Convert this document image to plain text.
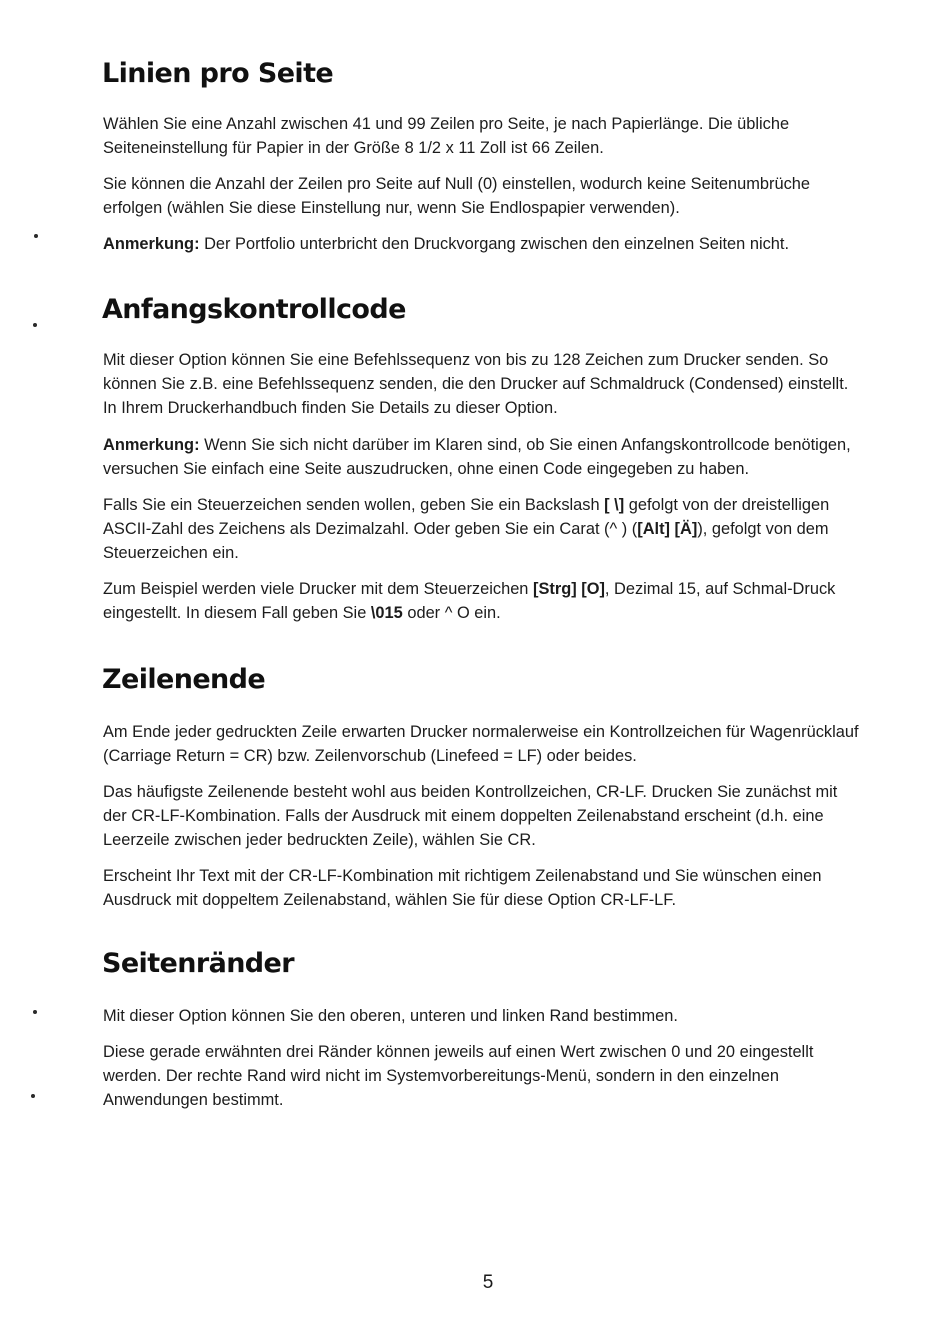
Linien pro Seite

Wählen Sie eine Anzahl zwischen 41 und 99 Zeilen pro Seite, je nach Papierlänge. Die übliche Seiteneinstellung für Papier in der Größe 8 1/2 x 11 Zoll ist 66 Zeilen.

Sie können die Anzahl der Zeilen pro Seite auf Null (0) einstellen, wodurch keine Seitenumbrüche erfolgen (wählen Sie diese Einstellung nur, wenn Sie Endlospapier verwenden).

Anmerkung: Der Portfolio unterbricht den Druckvorgang zwischen den einzelnen Seiten nicht.

Anfangskontrollcode

Mit dieser Option können Sie eine Befehlssequenz von bis zu 128 Zeichen zum Drucker senden. So können Sie z.B. eine Befehlssequenz senden, die den Drucker auf Schmaldruck (Condensed) einstellt. In Ihrem Druckerhandbuch finden Sie Details zu dieser Option.

Anmerkung: Wenn Sie sich nicht darüber im Klaren sind, ob Sie einen Anfangskontrollcode benötigen, versuchen Sie einfach eine Seite auszudrucken, ohne einen Code eingegeben zu haben.

Falls Sie ein Steuerzeichen senden wollen, geben Sie ein Backslash [ \] gefolgt von der dreistelligen ASCII-Zahl des Zeichens als Dezimalzahl. Oder geben Sie ein Carat (^ ) ([Alt] [Ä]), gefolgt von dem Steuerzeichen ein.

Zum Beispiel werden viele Drucker mit dem Steuerzeichen [Strg] [O], Dezimal 15, auf Schmal-Druck eingestellt. In diesem Fall geben Sie \015 oder ^ O ein.

Zeilenende

Am Ende jeder gedruckten Zeile erwarten Drucker normalerweise ein Kontrollzeichen für Wagenrücklauf (Carriage Return = CR) bzw. Zeilenvorschub (Linefeed = LF) oder beides.

Das häufigste Zeilenende besteht wohl aus beiden Kontrollzeichen, CR-LF. Drucken Sie zunächst mit der CR-LF-Kombination. Falls der Ausdruck mit einem doppelten Zeilenabstand erscheint (d.h. eine Leerzeile zwischen jeder bedruckten Zeile), wählen Sie CR.

Erscheint Ihr Text mit der CR-LF-Kombination mit richtigem Zeilenabstand und Sie wünschen einen Ausdruck mit doppeltem Zeilenabstand, wählen Sie für diese Option CR-LF-LF.

Seitenränder

Mit dieser Option können Sie den oberen, unteren und linken Rand bestimmen.

Diese gerade erwähnten drei Ränder können jeweils auf einen Wert zwischen 0 und 20 eingestellt werden. Der rechte Rand wird nicht im Systemvorbereitungs-Menü, sondern in den einzelnen Anwendungen bestimmt.

5
